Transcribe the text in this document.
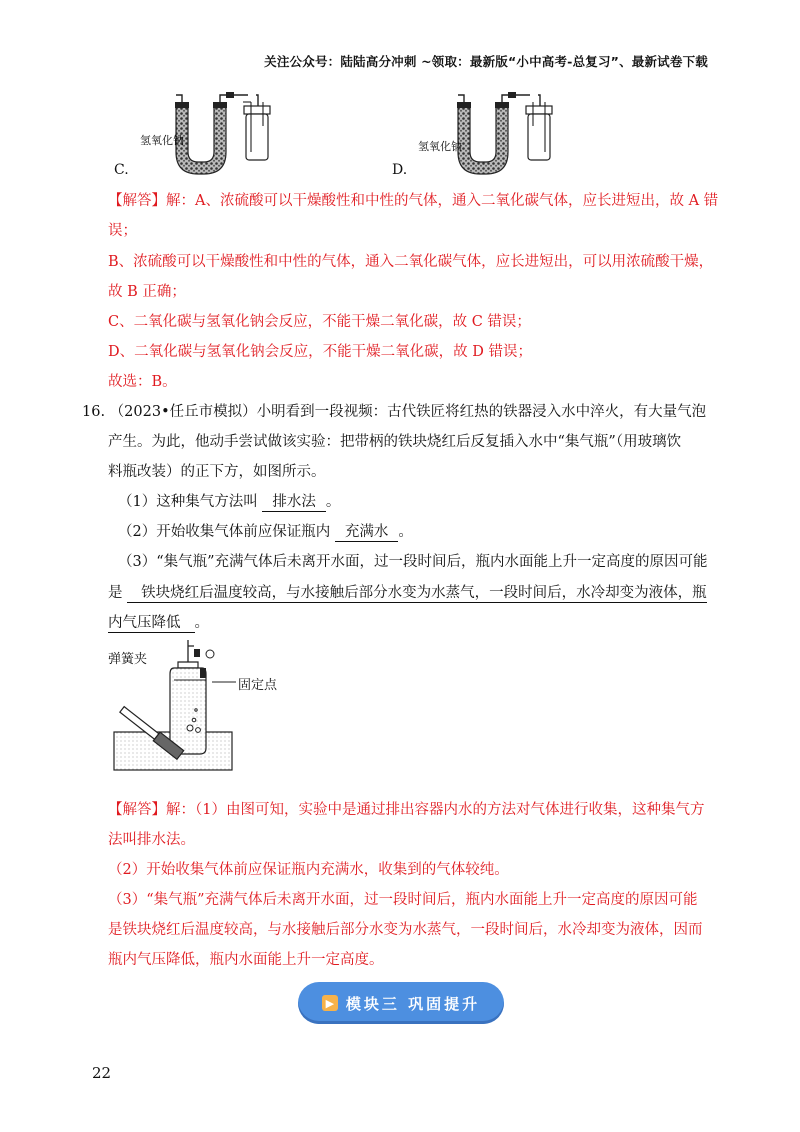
关注公众号：陆陆高分冲刺 ~领取：最新版“小中高考-总复习”、最新试卷下载
氢氧化钠
C.
氢氧化钠
D.
【解答】解：A、浓硫酸可以干燥酸性和中性的气体，通入二氧化碳气体，应长进短出，故 A 错
误；
B、浓硫酸可以干燥酸性和中性的气体，通入二氧化碳气体，应长进短出，可以用浓硫酸干燥，
故 B 正确；
C、二氧化碳与氢氧化钠会反应，不能干燥二氧化碳，故 C 错误；
D、二氧化碳与氢氧化钠会反应，不能干燥二氧化碳，故 D 错误；
故选：B。
16. （2023•任丘市模拟）小明看到一段视频：古代铁匠将红热的铁器浸入水中淬火，有大量气泡
产生。为此，他动手尝试做该实验：把带柄的铁块烧红后反复插入水中“集气瓶”（用玻璃饮
料瓶改装）的正下方，如图所示。
（1）这种集气方法叫 排水法 。
（2）开始收集气体前应保证瓶内 充满水 。
（3）“集气瓶”充满气体后未离开水面，过一段时间后，瓶内水面能上升一定高度的原因可能
是 铁块烧红后温度较高，与水接触后部分水变为水蒸气，一段时间后，水冷却变为液体，瓶
内气压降低 。
弹簧夹
固定点
【解答】解：（1）由图可知，实验中是通过排出容器内水的方法对气体进行收集，这种集气方
法叫排水法。
（2）开始收集气体前应保证瓶内充满水，收集到的气体较纯。
（3）“集气瓶”充满气体后未离开水面，过一段时间后，瓶内水面能上升一定高度的原因可能
是铁块烧红后温度较高，与水接触后部分水变为水蒸气，一段时间后，水冷却变为液体，因而
瓶内气压降低，瓶内水面能上升一定高度。
▶ 模块三 巩固提升
22
